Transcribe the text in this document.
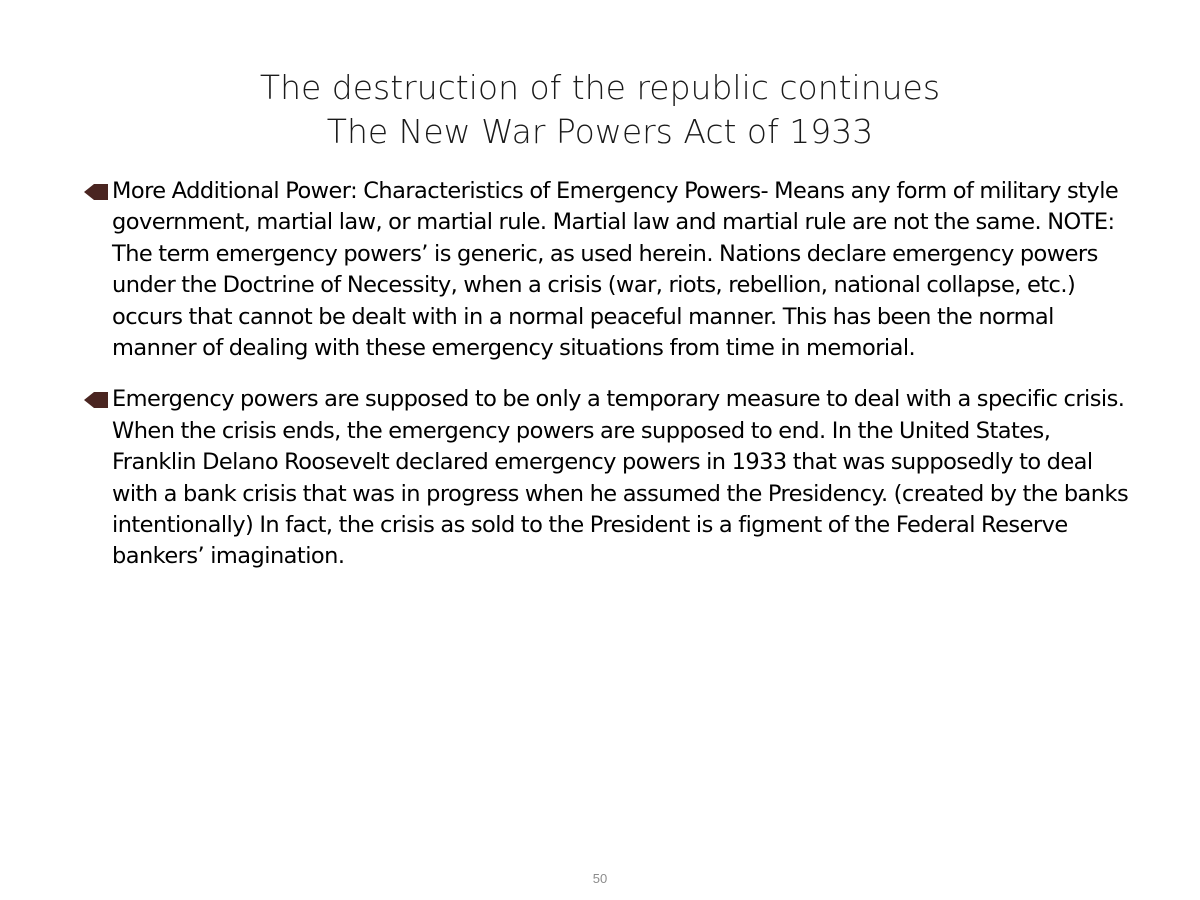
The destruction of the republic continues
The New War Powers Act of 1933
More Additional Power: Characteristics of Emergency Powers- Means any form of military style government, martial law, or martial rule. Martial law and martial rule are not the same. NOTE: The term emergency powers’ is generic, as used herein. Nations declare emergency powers under the Doctrine of Necessity, when a crisis (war, riots, rebellion, national collapse, etc.) occurs that cannot be dealt with in a normal peaceful manner. This has been the normal manner of dealing with these emergency situations from time in memorial.
Emergency powers are supposed to be only a temporary measure to deal with a specific crisis. When the crisis ends, the emergency powers are supposed to end. In the United States, Franklin Delano Roosevelt declared emergency powers in 1933 that was supposedly to deal with a bank crisis that was in progress when he assumed the Presidency. (created by the banks intentionally) In fact, the crisis as sold to the President is a figment of the Federal Reserve bankers’ imagination.
50
